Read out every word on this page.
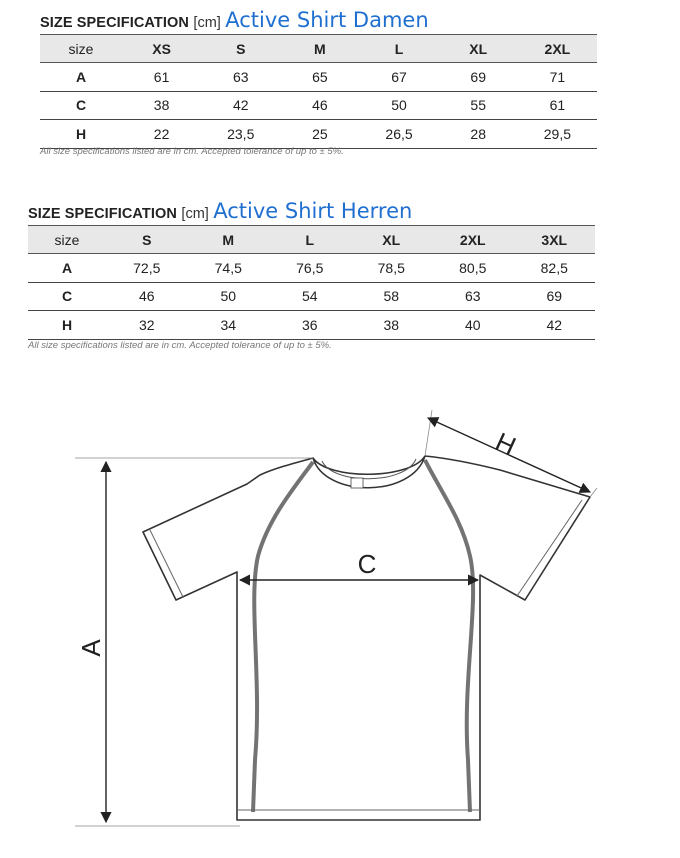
SIZE SPECIFICATION [cm] Active Shirt Damen
size	XS	S	M	L	XL	2XL
A	61	63	65	67	69	71
C	38	42	46	50	55	61
H	22	23,5	25	26,5	28	29,5
All size specifications listed are in cm. Accepted tolerance of up to ± 5%.
SIZE SPECIFICATION [cm] Active Shirt Herren
size	S	M	L	XL	2XL	3XL
A	72,5	74,5	76,5	78,5	80,5	82,5
C	46	50	54	58	63	69
H	32	34	36	38	40	42
All size specifications listed are in cm. Accepted tolerance of up to ± 5%.
A
C
H
